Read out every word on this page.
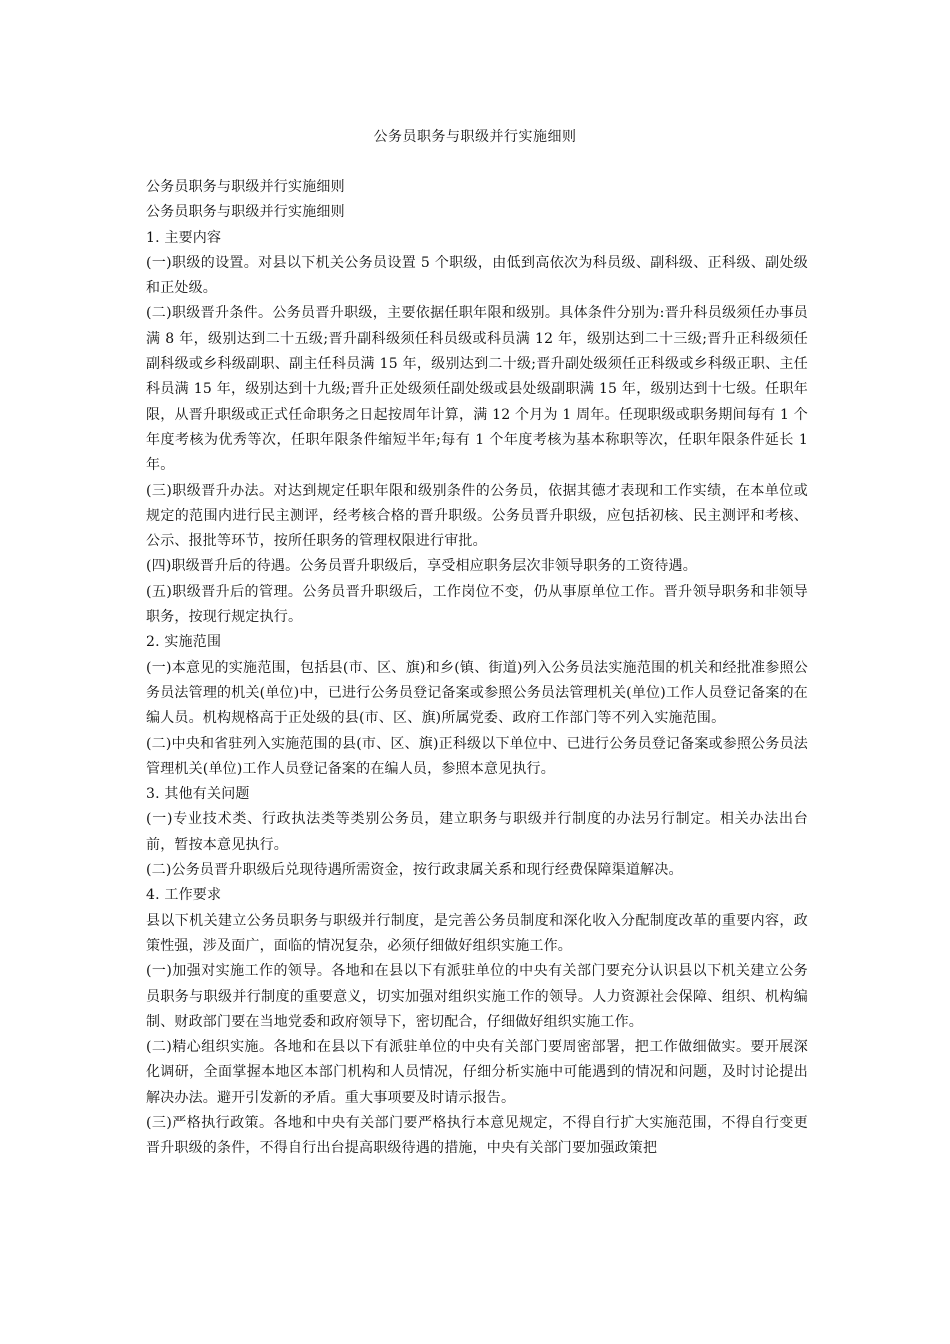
公务员职务与职级并行实施细则

公务员职务与职级并行实施细则

公务员职务与职级并行实施细则

1. 主要内容

(一)职级的设置。对县以下机关公务员设置 5 个职级，由低到高依次为科员级、副科级、正科级、副处级和正处级。

(二)职级晋升条件。公务员晋升职级，主要依据任职年限和级别。具体条件分别为:晋升科员级须任办事员满 8 年，级别达到二十五级;晋升副科级须任科员级或科员满 12 年，级别达到二十三级;晋升正科级须任副科级或乡科级副职、副主任科员满 15 年，级别达到二十级;晋升副处级须任正科级或乡科级正职、主任科员满 15 年，级别达到十九级;晋升正处级须任副处级或县处级副职满 15 年，级别达到十七级。任职年限，从晋升职级或正式任命职务之日起按周年计算，满 12 个月为 1 周年。任现职级或职务期间每有 1 个年度考核为优秀等次，任职年限条件缩短半年;每有 1 个年度考核为基本称职等次，任职年限条件延长 1 年。

(三)职级晋升办法。对达到规定任职年限和级别条件的公务员，依据其德才表现和工作实绩，在本单位或规定的范围内进行民主测评，经考核合格的晋升职级。公务员晋升职级，应包括初核、民主测评和考核、公示、报批等环节，按所任职务的管理权限进行审批。

(四)职级晋升后的待遇。公务员晋升职级后，享受相应职务层次非领导职务的工资待遇。

(五)职级晋升后的管理。公务员晋升职级后，工作岗位不变，仍从事原单位工作。晋升领导职务和非领导职务，按现行规定执行。

2. 实施范围

(一)本意见的实施范围，包括县(市、区、旗)和乡(镇、街道)列入公务员法实施范围的机关和经批准参照公务员法管理的机关(单位)中，已进行公务员登记备案或参照公务员法管理机关(单位)工作人员登记备案的在编人员。机构规格高于正处级的县(市、区、旗)所属党委、政府工作部门等不列入实施范围。

(二)中央和省驻列入实施范围的县(市、区、旗)正科级以下单位中、已进行公务员登记备案或参照公务员法管理机关(单位)工作人员登记备案的在编人员，参照本意见执行。

3. 其他有关问题

(一)专业技术类、行政执法类等类别公务员，建立职务与职级并行制度的办法另行制定。相关办法出台前，暂按本意见执行。

(二)公务员晋升职级后兑现待遇所需资金，按行政隶属关系和现行经费保障渠道解决。

4. 工作要求

县以下机关建立公务员职务与职级并行制度，是完善公务员制度和深化收入分配制度改革的重要内容，政策性强，涉及面广，面临的情况复杂，必须仔细做好组织实施工作。

(一)加强对实施工作的领导。各地和在县以下有派驻单位的中央有关部门要充分认识县以下机关建立公务员职务与职级并行制度的重要意义，切实加强对组织实施工作的领导。人力资源社会保障、组织、机构编制、财政部门要在当地党委和政府领导下，密切配合，仔细做好组织实施工作。

(二)精心组织实施。各地和在县以下有派驻单位的中央有关部门要周密部署，把工作做细做实。要开展深化调研，全面掌握本地区本部门机构和人员情况，仔细分析实施中可能遇到的情况和问题，及时讨论提出解决办法。避开引发新的矛盾。重大事项要及时请示报告。

(三)严格执行政策。各地和中央有关部门要严格执行本意见规定，不得自行扩大实施范围，不得自行变更晋升职级的条件，不得自行出台提高职级待遇的措施，中央有关部门要加强政策把
